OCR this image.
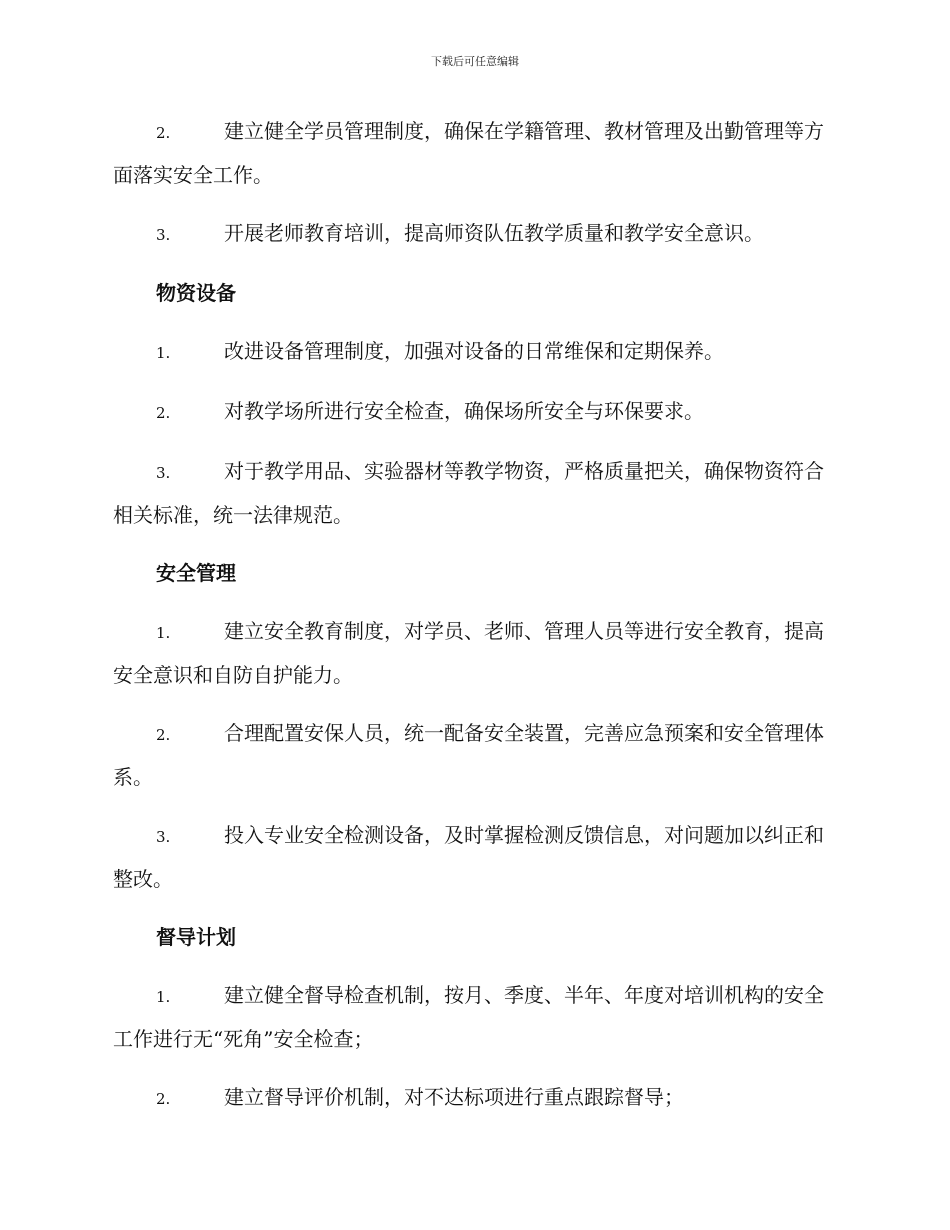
下载后可任意编辑

2.	建立健全学员管理制度，确保在学籍管理、教材管理及出勤管理等方面落实安全工作。

3.	开展老师教育培训，提高师资队伍教学质量和教学安全意识。

物资设备

1.	改进设备管理制度，加强对设备的日常维保和定期保养。

2.	对教学场所进行安全检查，确保场所安全与环保要求。

3.	对于教学用品、实验器材等教学物资，严格质量把关，确保物资符合相关标准，统一法律规范。

安全管理

1.	建立安全教育制度，对学员、老师、管理人员等进行安全教育，提高安全意识和自防自护能力。

2.	合理配置安保人员，统一配备安全装置，完善应急预案和安全管理体系。

3.	投入专业安全检测设备，及时掌握检测反馈信息，对问题加以纠正和整改。

督导计划

1.	建立健全督导检查机制，按月、季度、半年、年度对培训机构的安全工作进行无“死角”安全检查；

2.	建立督导评价机制，对不达标项进行重点跟踪督导；
